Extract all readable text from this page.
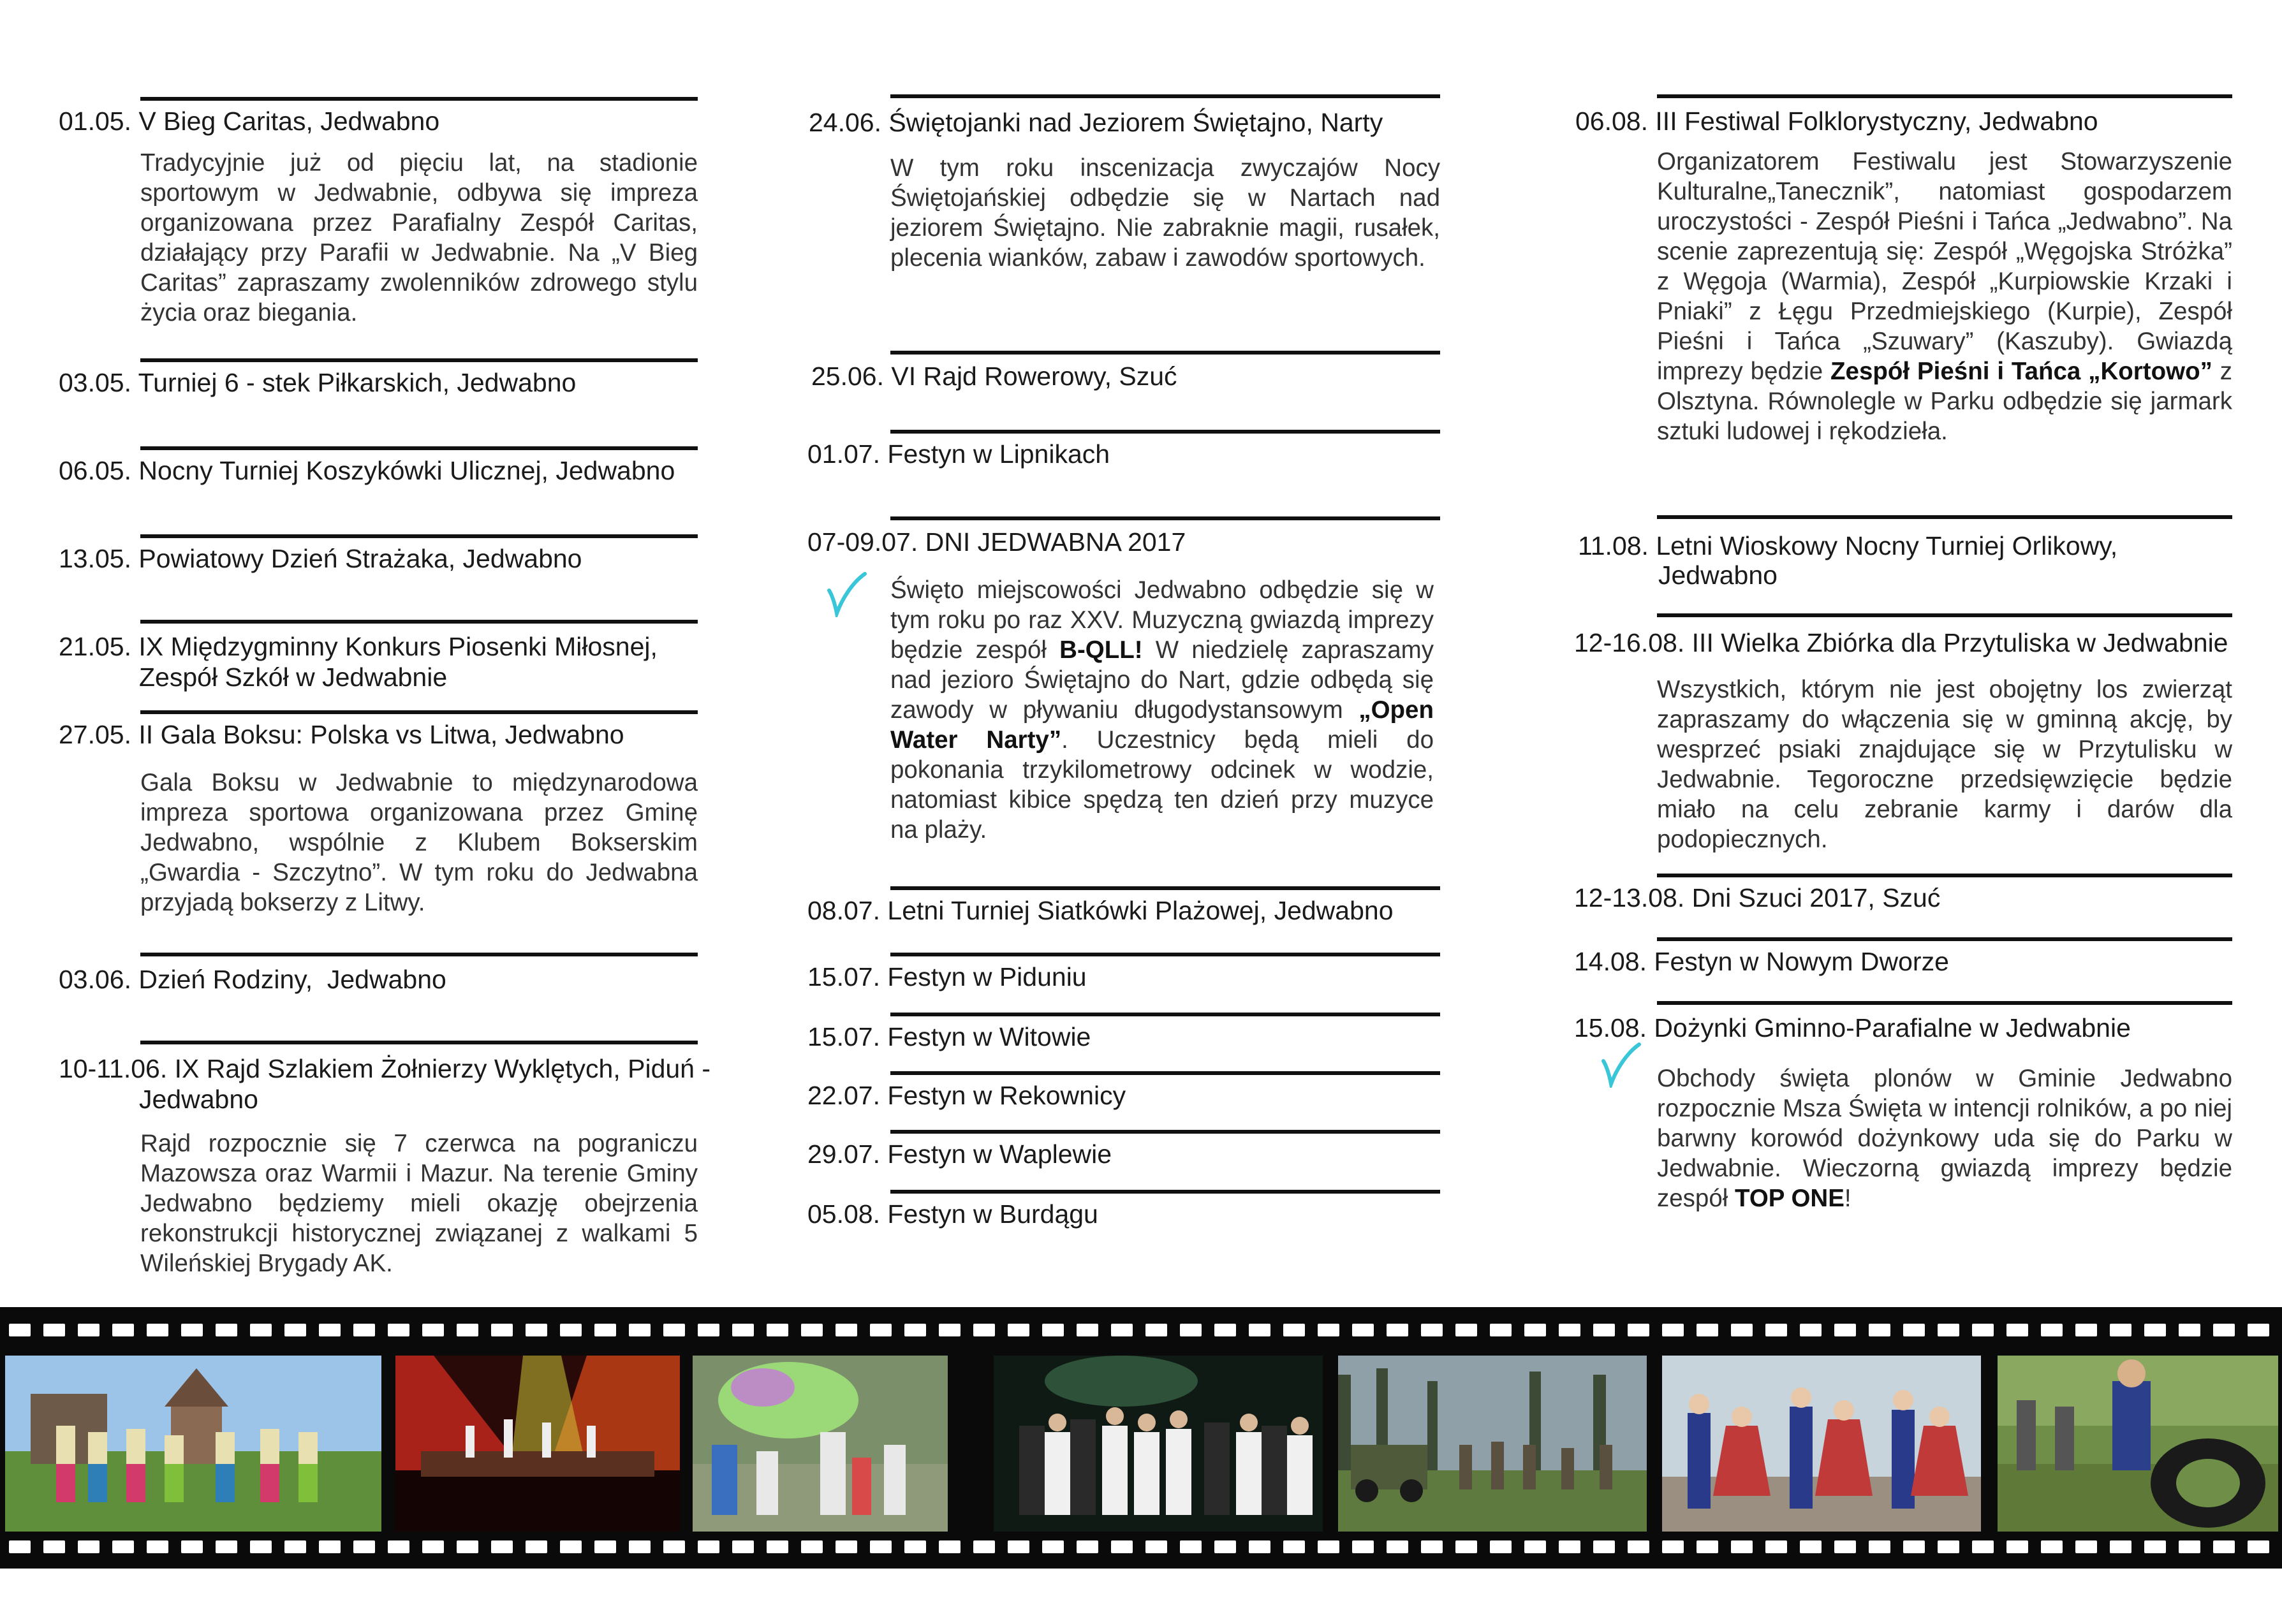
01.05. V Bieg Caritas, Jedwabno
Tradycyjnie już od pięciu lat, na stadionie sportowym w Jedwabnie, odbywa się impreza organizowana przez Parafialny Zespół Caritas, działający przy Parafii w Jedwabnie. Na „V Bieg Caritas” zapraszamy zwolenników zdrowego stylu życia oraz biegania.
03.05. Turniej 6 - stek Piłkarskich, Jedwabno
06.05. Nocny Turniej Koszykówki Ulicznej, Jedwabno
13.05. Powiatowy Dzień Strażaka, Jedwabno
21.05. IX Międzygminny Konkurs Piosenki Miłosnej,
Zespół Szkół w Jedwabnie
27.05. II Gala Boksu: Polska vs Litwa, Jedwabno
Gala Boksu w Jedwabnie to międzynarodowa impreza sportowa organizowana przez Gminę Jedwabno, wspólnie z Klubem Bokserskim „Gwardia - Szczytno”. W tym roku do Jedwabna przyjadą bokserzy z Litwy.
03.06. Dzień Rodziny,  Jedwabno
10-11.06. IX Rajd Szlakiem Żołnierzy Wyklętych, Piduń -
Jedwabno
Rajd rozpocznie się 7 czerwca na pograniczu Mazowsza oraz Warmii i Mazur. Na terenie Gminy Jedwabno będziemy mieli okazję obejrzenia rekonstrukcji historycznej związanej z walkami 5 Wileńskiej Brygady AK.
24.06. Świętojanki nad Jeziorem Świętajno, Narty
W tym roku inscenizacja zwyczajów Nocy Świętojańskiej odbędzie się w Nartach nad jeziorem Świętajno. Nie zabraknie magii, rusałek, plecenia wianków, zabaw i zawodów sportowych.
25.06. VI Rajd Rowerowy, Szuć
01.07. Festyn w Lipnikach
07-09.07. DNI JEDWABNA 2017
Święto miejscowości Jedwabno odbędzie się w tym roku po raz XXV. Muzyczną gwiazdą imprezy będzie zespół B-QLL! W niedzielę zapraszamy nad jezioro Świętajno do Nart, gdzie odbędą się zawody w pływaniu długodystansowym „Open Water Narty”. Uczestnicy będą mieli do pokonania trzykilometrowy odcinek w wodzie, natomiast kibice spędzą ten dzień przy muzyce na plaży.
08.07. Letni Turniej Siatkówki Plażowej, Jedwabno
15.07. Festyn w Piduniu
15.07. Festyn w Witowie
22.07. Festyn w Rekownicy
29.07. Festyn w Waplewie
05.08. Festyn w Burdągu
06.08. III Festiwal Folklorystyczny, Jedwabno
Organizatorem Festiwalu jest Stowarzyszenie Kulturalne„Tanecznik”, natomiast gospodarzem uroczystości - Zespół Pieśni i Tańca „Jedwabno”. Na scenie zaprezentują się: Zespół „Węgojska Stróżka” z Węgoja (Warmia), Zespół „Kurpiowskie Krzaki i Pniaki” z Łęgu Przedmiejskiego (Kurpie), Zespół Pieśni i Tańca „Szuwary” (Kaszuby). Gwiazdą imprezy będzie Zespół Pieśni i Tańca „Kortowo” z Olsztyna. Równolegle w Parku odbędzie się jarmark sztuki ludowej i rękodzieła.
11.08. Letni Wioskowy Nocny Turniej Orlikowy,
Jedwabno
12-16.08. III Wielka Zbiórka dla Przytuliska w Jedwabnie
Wszystkich, którym nie jest obojętny los zwierząt zapraszamy do włączenia się w gminną akcję, by wesprzeć psiaki znajdujące się w Przytulisku w Jedwabnie. Tegoroczne przedsięwzięcie będzie miało na celu zebranie karmy i darów dla podopiecznych.
12-13.08. Dni Szuci 2017, Szuć
14.08. Festyn w Nowym Dworze
15.08. Dożynki Gminno-Parafialne w Jedwabnie
Obchody święta plonów w Gminie Jedwabno rozpocznie Msza Święta w intencji rolników, a po niej barwny korowód dożynkowy uda się do Parku w Jedwabnie. Wieczorną gwiazdą imprezy będzie zespół TOP ONE!
